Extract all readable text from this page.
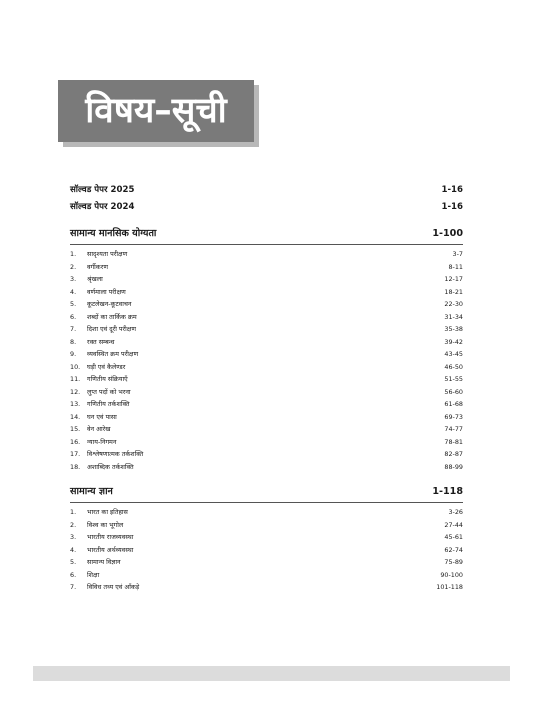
विषय–सूची
सॉल्वड पेपर 2025	1-16
सॉल्वड पेपर 2024	1-16
सामान्य मानसिक योग्यता	1-100
1.	सादृश्यता परीक्षण	3-7
2.	वर्गीकरण	8-11
3.	श्रृंखला	12-17
4.	वर्णमाला परीक्षण	18-21
5.	कूटलेखन-कूटवाचन	22-30
6.	शब्दों का तार्किक क्रम	31-34
7.	दिशा एवं दूरी परीक्षण	35-38
8.	रक्त सम्बन्ध	39-42
9.	व्यवस्थित क्रम परीक्षण	43-45
10.	घड़ी एवं कैलेण्डर	46-50
11.	गणितीय संक्रियाएँ	51-55
12.	लुप्त पदों को भरना	56-60
13.	गणितीय तर्कशक्ति	61-68
14.	घन एवं पासा	69-73
15.	वेन आरेख	74-77
16.	न्याय-निगमन	78-81
17.	विश्लेषणात्मक तर्कशक्ति	82-87
18.	अशाब्दिक तर्कशक्ति	88-99
सामान्य ज्ञान	1-118
1.	भारत का इतिहास	3-26
2.	विश्व का भूगोल	27-44
3.	भारतीय राजव्यवस्था	45-61
4.	भारतीय अर्थव्यवस्था	62-74
5.	सामान्य विज्ञान	75-89
6.	शिक्षा	90-100
7.	विविध तथ्य एवं आँकड़े	101-118
